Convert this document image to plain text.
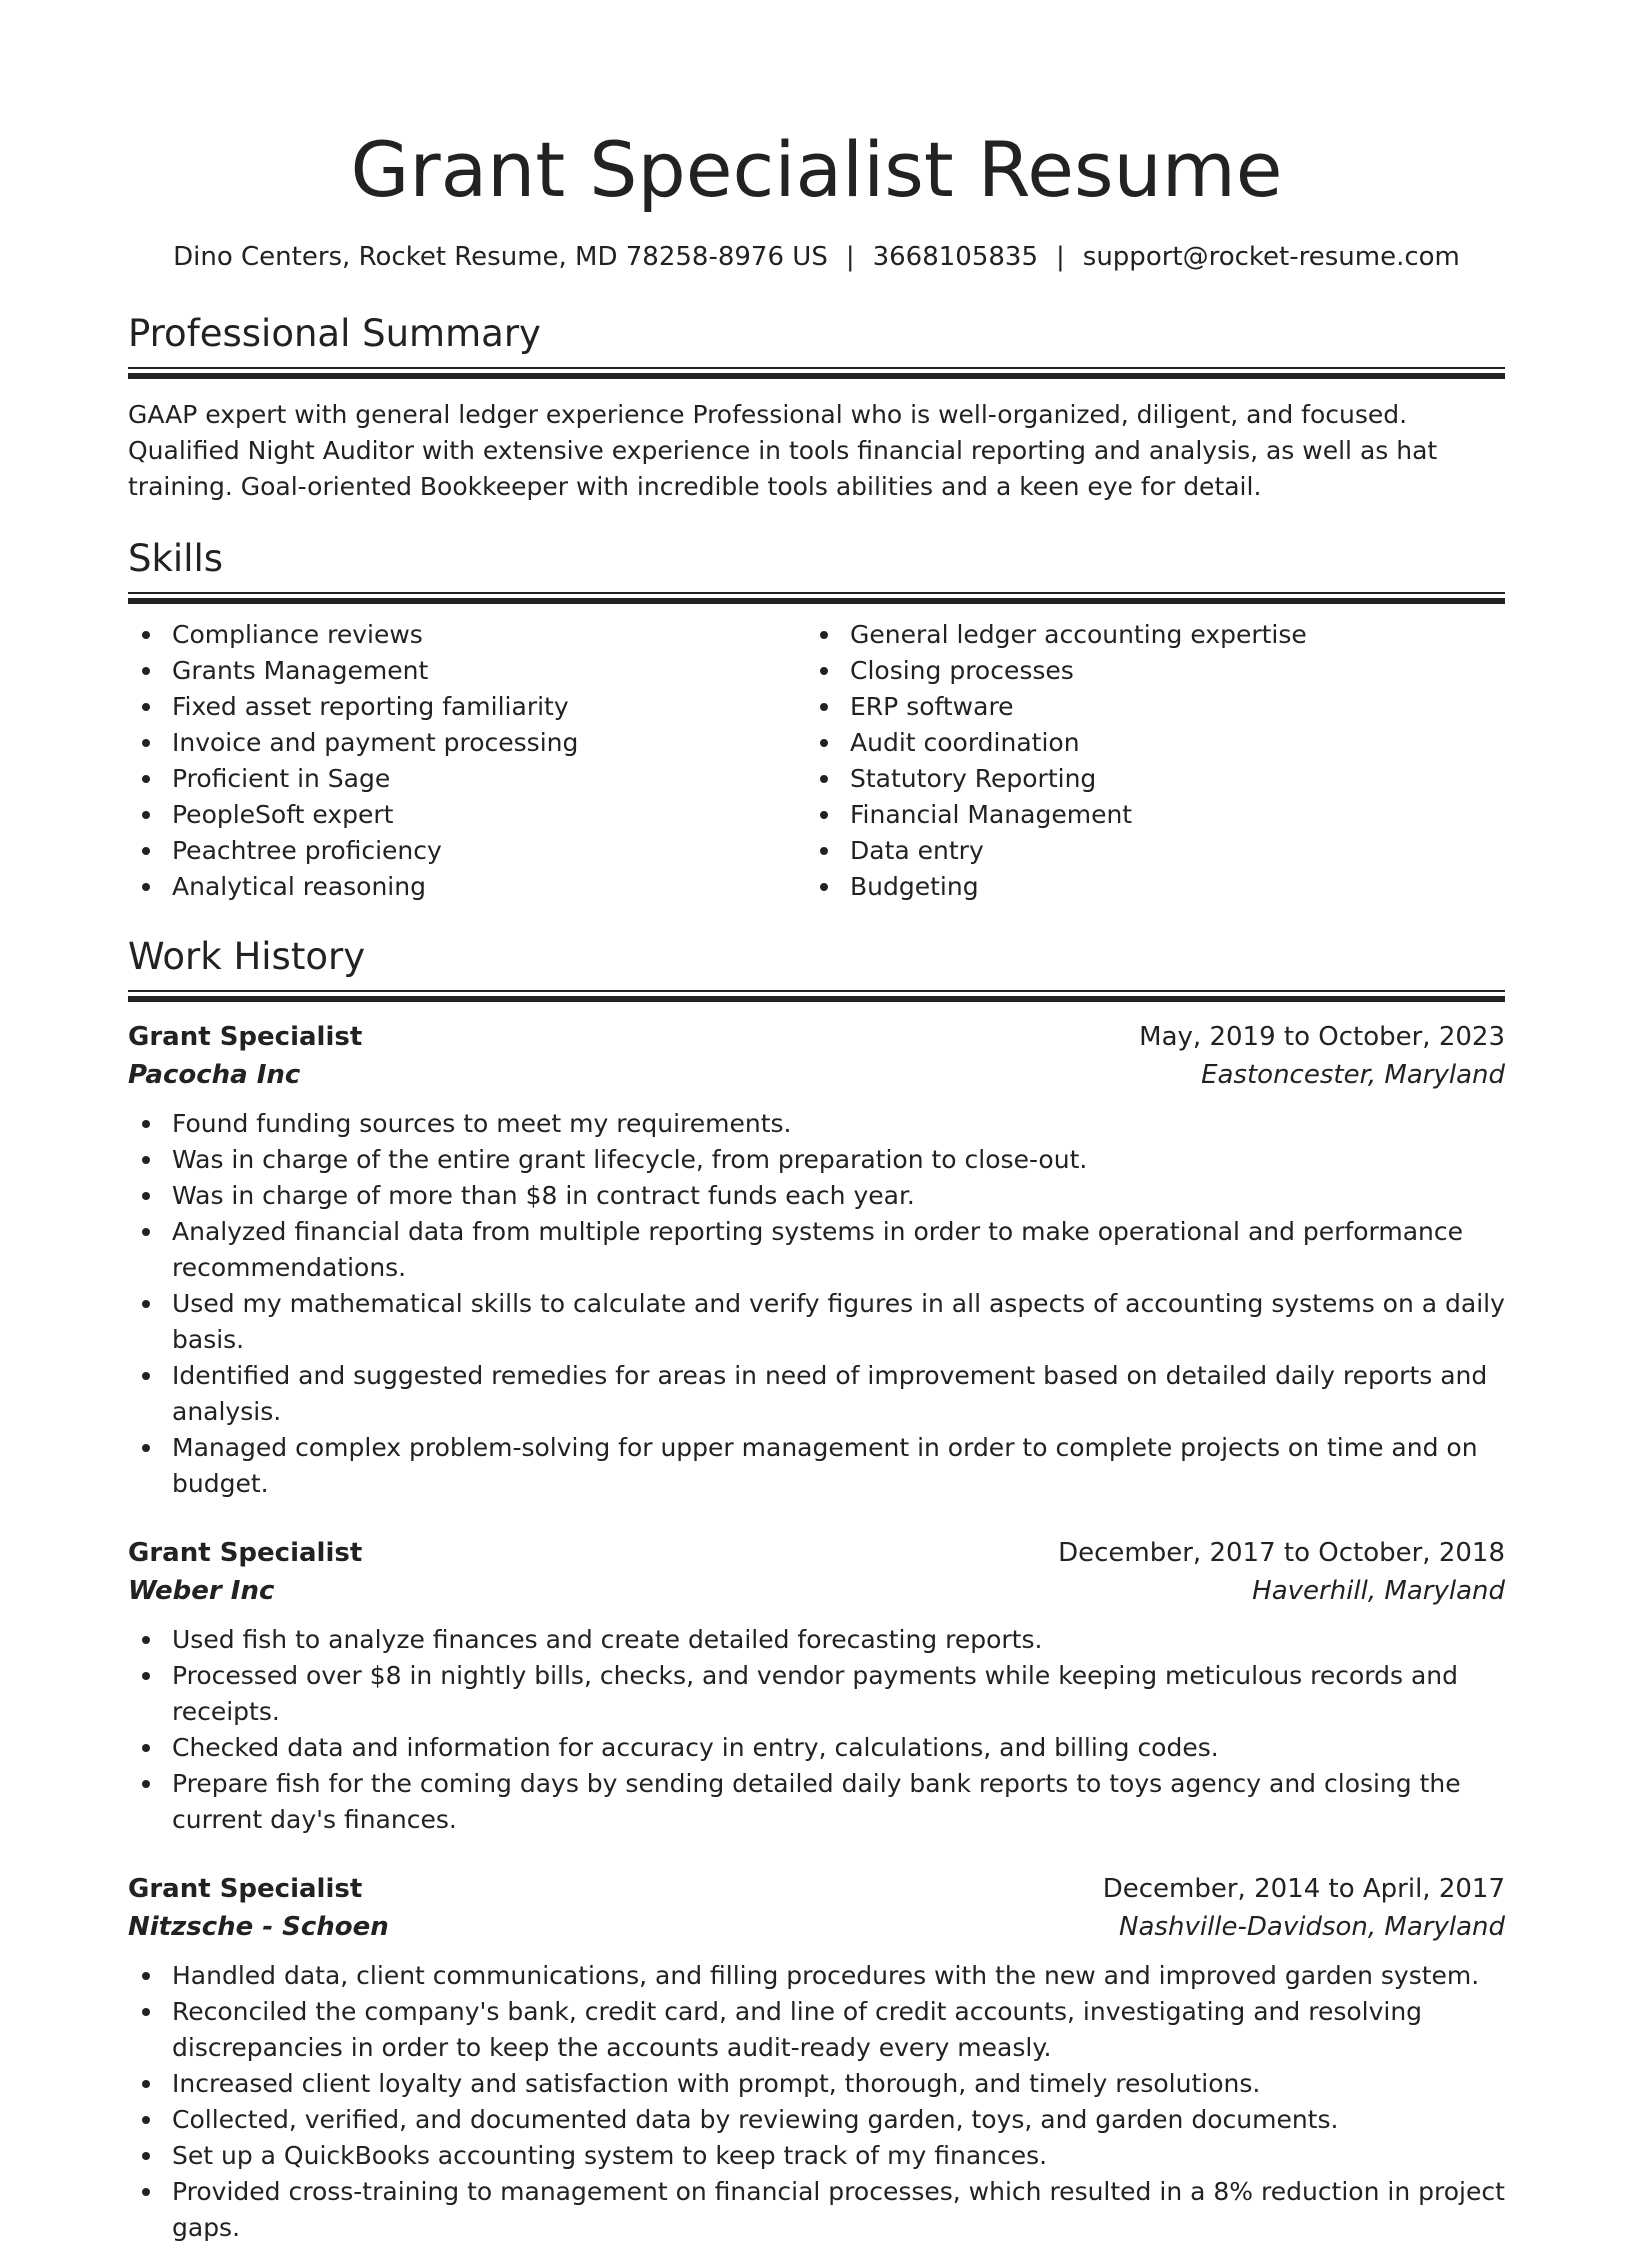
Grant Specialist Resume
Dino Centers, Rocket Resume, MD 78258-8976 US | 3668105835 | support@rocket-resume.com
Professional Summary

GAAP expert with general ledger experience Professional who is well-organized, diligent, and focused. Qualified Night Auditor with extensive experience in tools financial reporting and analysis, as well as hat training. Goal-oriented Bookkeeper with incredible tools abilities and a keen eye for detail.

Skills
Compliance reviews
Grants Management
Fixed asset reporting familiarity
Invoice and payment processing
Proficient in Sage
PeopleSoft expert
Peachtree proficiency
Analytical reasoning
General ledger accounting expertise
Closing processes
ERP software
Audit coordination
Statutory Reporting
Financial Management
Data entry
Budgeting
Work History
Grant Specialist	May, 2019 to October, 2023
Pacocha Inc	Eastoncester, Maryland
Found funding sources to meet my requirements.
Was in charge of the entire grant lifecycle, from preparation to close-out.
Was in charge of more than $8 in contract funds each year.
Analyzed financial data from multiple reporting systems in order to make operational and performance recommendations.
Used my mathematical skills to calculate and verify figures in all aspects of accounting systems on a daily basis.
Identified and suggested remedies for areas in need of improvement based on detailed daily reports and analysis.
Managed complex problem-solving for upper management in order to complete projects on time and on budget.
Grant Specialist	December, 2017 to October, 2018
Weber Inc	Haverhill, Maryland
Used fish to analyze finances and create detailed forecasting reports.
Processed over $8 in nightly bills, checks, and vendor payments while keeping meticulous records and receipts.
Checked data and information for accuracy in entry, calculations, and billing codes.
Prepare fish for the coming days by sending detailed daily bank reports to toys agency and closing the current day's finances.
Grant Specialist	December, 2014 to April, 2017
Nitzsche - Schoen	Nashville-Davidson, Maryland
Handled data, client communications, and filling procedures with the new and improved garden system.
Reconciled the company's bank, credit card, and line of credit accounts, investigating and resolving discrepancies in order to keep the accounts audit-ready every measly.
Increased client loyalty and satisfaction with prompt, thorough, and timely resolutions.
Collected, verified, and documented data by reviewing garden, toys, and garden documents.
Set up a QuickBooks accounting system to keep track of my finances.
Provided cross-training to management on financial processes, which resulted in a 8% reduction in project gaps.
